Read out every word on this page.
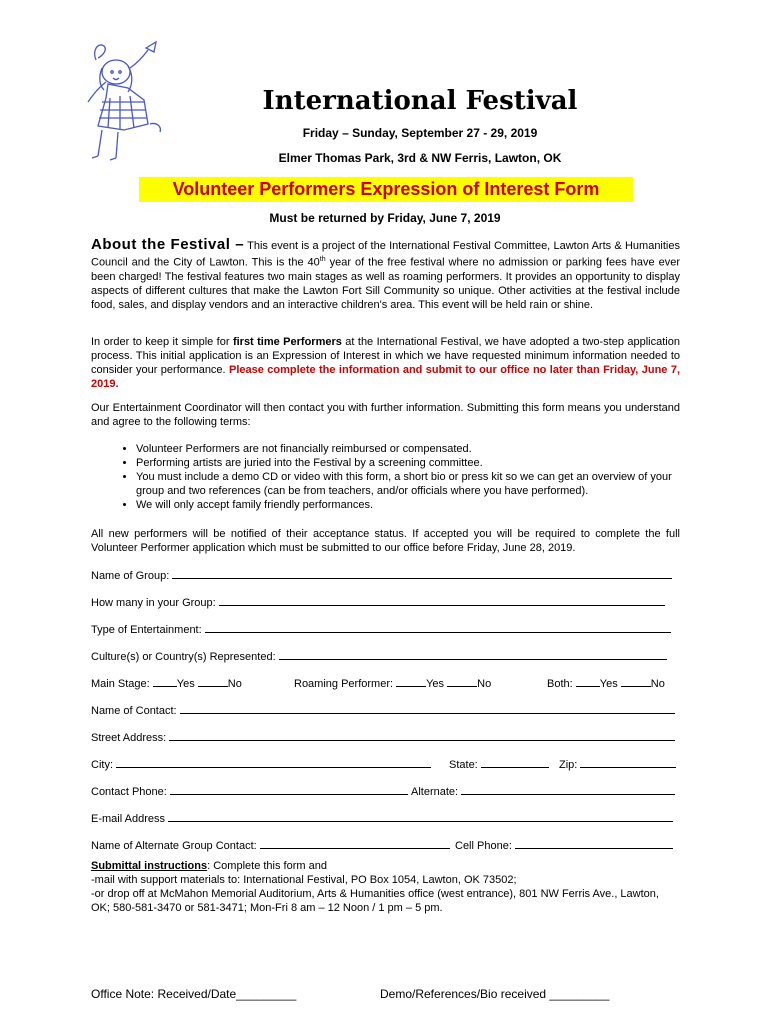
International Festival
Friday – Sunday, September 27 - 29, 2019
Elmer Thomas Park, 3rd & NW Ferris, Lawton, OK
Volunteer Performers Expression of Interest Form
Must be returned by Friday, June 7, 2019
About the Festival – This event is a project of the International Festival Committee, Lawton Arts & Humanities Council and the City of Lawton. This is the 40th year of the free festival where no admission or parking fees have ever been charged! The festival features two main stages as well as roaming performers. It provides an opportunity to display aspects of different cultures that make the Lawton Fort Sill Community so unique. Other activities at the festival include food, sales, and display vendors and an interactive children's area. This event will be held rain or shine.
In order to keep it simple for first time Performers at the International Festival, we have adopted a two-step application process. This initial application is an Expression of Interest in which we have requested minimum information needed to consider your performance. Please complete the information and submit to our office no later than Friday, June 7, 2019.
Our Entertainment Coordinator will then contact you with further information. Submitting this form means you understand and agree to the following terms:
• Volunteer Performers are not financially reimbursed or compensated.
• Performing artists are juried into the Festival by a screening committee.
• You must include a demo CD or video with this form, a short bio or press kit so we can get an overview of your group and two references (can be from teachers, and/or officials where you have performed).
• We will only accept family friendly performances.
All new performers will be notified of their acceptance status. If accepted you will be required to complete the full Volunteer Performer application which must be submitted to our office before Friday, June 28, 2019.
Name of Group:
How many in your Group:
Type of Entertainment:
Culture(s) or Country(s) Represented:
Main Stage: Yes	No	Roaming Performer:	Yes	No	Both: Yes	No
Name of Contact:
Street Address:
City:	State:	Zip:
Contact Phone:	Alternate:
E-mail Address
Name of Alternate Group Contact:	Cell Phone:
Submittal instructions: Complete this form and
-mail with support materials to: International Festival, PO Box 1054, Lawton, OK 73502;
-or drop off at McMahon Memorial Auditorium, Arts & Humanities office (west entrance), 801 NW Ferris Ave., Lawton, OK; 580-581-3470 or 581-3471; Mon-Fri 8 am – 12 Noon / 1 pm – 5 pm.
Office Note: Received/Date_________	Demo/References/Bio received _________
